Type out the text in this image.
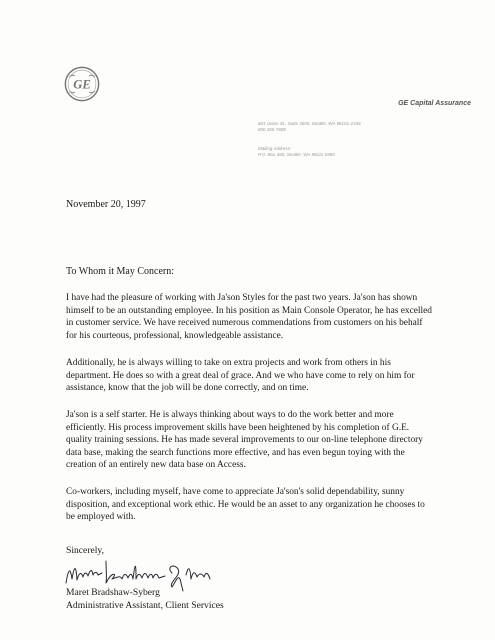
GE
GE Capital Assurance
601 Union St., Suite 3600, Seattle, WA 98101-2336
800 265-7808
Mailing Address:
P.O. Box 480, Seattle, WA 98111-0480
November 20, 1997
To Whom it May Concern:

I have had the pleasure of working with Ja'son Styles for the past two years. Ja'son has shown himself to be an outstanding employee. In his position as Main Console Operator, he has excelled in customer service. We have received numerous commendations from customers on his behalf for his courteous, professional, knowledgeable assistance.

Additionally, he is always willing to take on extra projects and work from others in his department. He does so with a great deal of grace. And we who have come to rely on him for assistance, know that the job will be done correctly, and on time.

Ja'son is a self starter. He is always thinking about ways to do the work better and more efficiently. His process improvement skills have been heightened by his completion of G.E. quality training sessions. He has made several improvements to our on-line telephone directory data base, making the search functions more effective, and has even begun toying with the creation of an entirely new data base on Access.

Co-workers, including myself, have come to appreciate Ja'son's solid dependability, sunny disposition, and exceptional work ethic. He would be an asset to any organization he chooses to be employed with.

Sincerely,
Maret Bradshaw-Syberg
Administrative Assistant, Client Services
